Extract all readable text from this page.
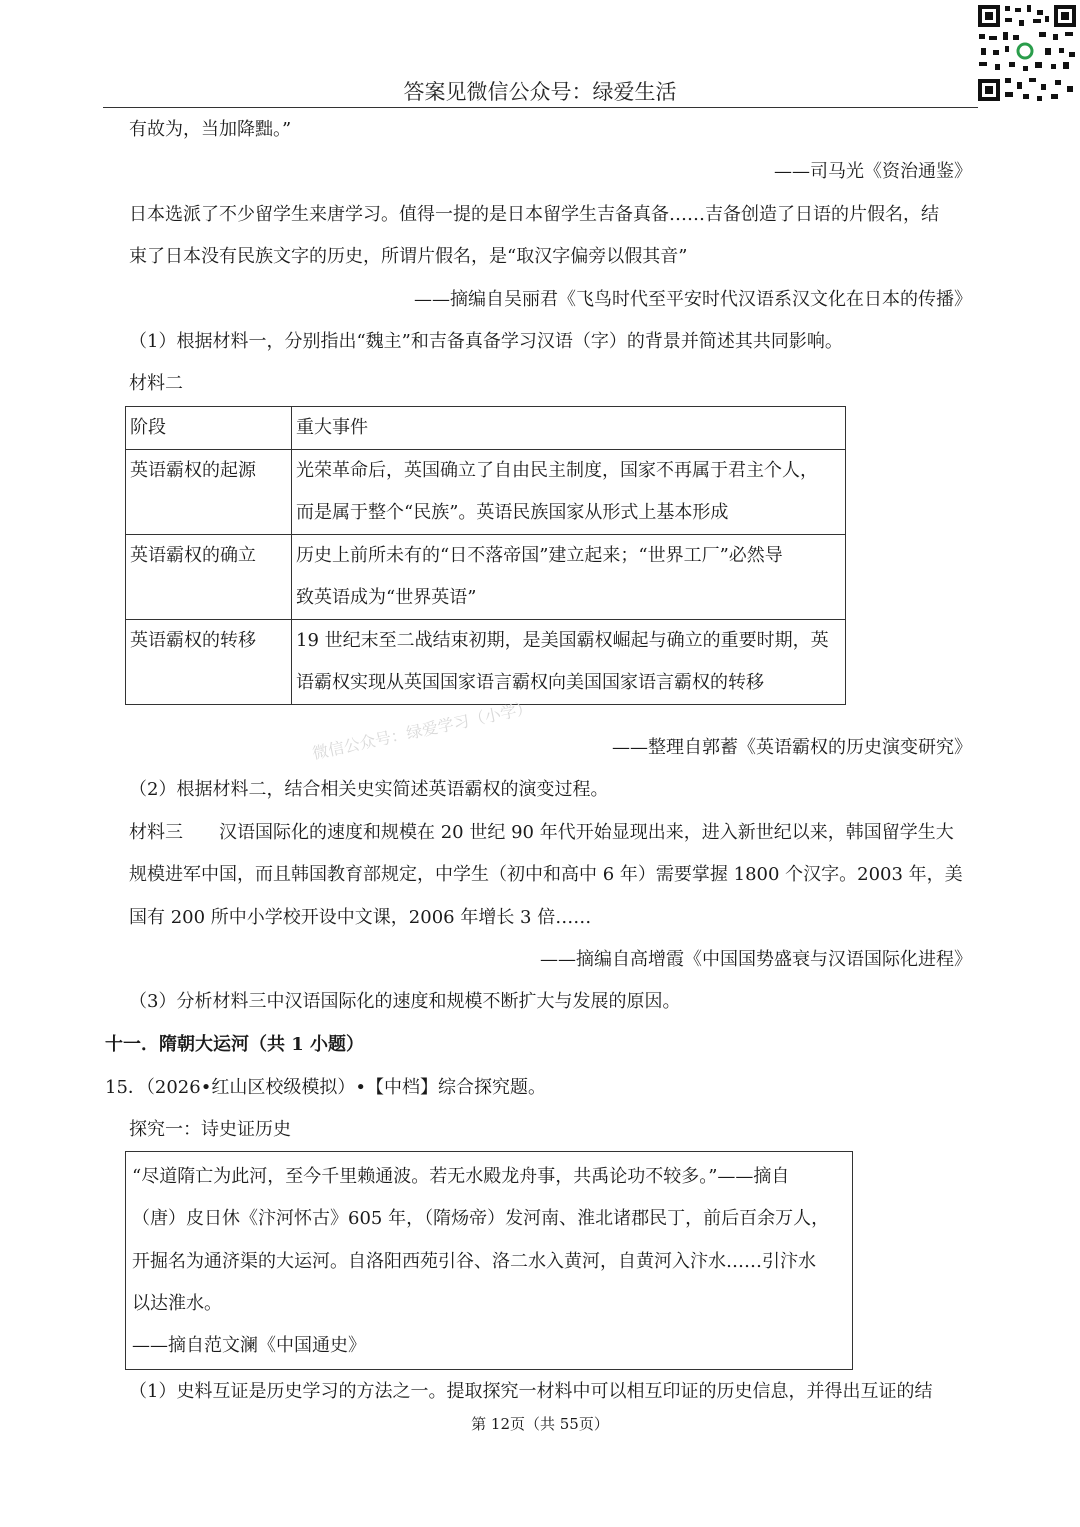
答案见微信公众号：绿爱生活
有故为，当加降黜。”
——司马光《资治通鉴》
日本选派了不少留学生来唐学习。值得一提的是日本留学生吉备真备……吉备创造了日语的片假名，结
束了日本没有民族文字的历史，所谓片假名，是“取汉字偏旁以假其音”
——摘编自吴丽君《飞鸟时代至平安时代汉语系汉文化在日本的传播》
（1）根据材料一，分别指出“魏主”和吉备真备学习汉语（字）的背景并简述其共同影响。
材料二
阶段	重大事件
英语霸权的起源	光荣革命后，英国确立了自由民主制度，国家不再属于君主个人，
而是属于整个“民族”。英语民族国家从形式上基本形成

英语霸权的确立	历史上前所未有的“日不落帝国”建立起来；“世界工厂”必然导
致英语成为“世界英语”

英语霸权的转移	19 世纪末至二战结束初期，是美国霸权崛起与确立的重要时期，英
语霸权实现从英国国家语言霸权向美国国家语言霸权的转移
微信公众号：绿爱学习（小学）	——整理自郭蓄《英语霸权的历史演变研究》
（2）根据材料二，结合相关史实简述英语霸权的演变过程。
材料三　　汉语国际化的速度和规模在 20 世纪 90 年代开始显现出来，进入新世纪以来，韩国留学生大
规模进军中国，而且韩国教育部规定，中学生（初中和高中 6 年）需要掌握 1800 个汉字。2003 年，美
国有 200 所中小学校开设中文课，2006 年增长 3 倍……
——摘编自高增霞《中国国势盛衰与汉语国际化进程》
（3）分析材料三中汉语国际化的速度和规模不断扩大与发展的原因。
十一．隋朝大运河（共 1 小题）
15．（2026•红山区校级模拟）•【中档】综合探究题。
探究一：诗史证历史
“尽道隋亡为此河，至今千里赖通波。若无水殿龙舟事，共禹论功不较多。”——摘自
（唐）皮日休《汴河怀古》605 年，（隋炀帝）发河南、淮北诸郡民丁，前后百余万人，
开掘名为通济渠的大运河。自洛阳西苑引谷、洛二水入黄河，自黄河入汴水……引汴水
以达淮水。
——摘自范文澜《中国通史》
（1）史料互证是历史学习的方法之一。提取探究一材料中可以相互印证的历史信息，并得出互证的结
第 12页（共 55页）
